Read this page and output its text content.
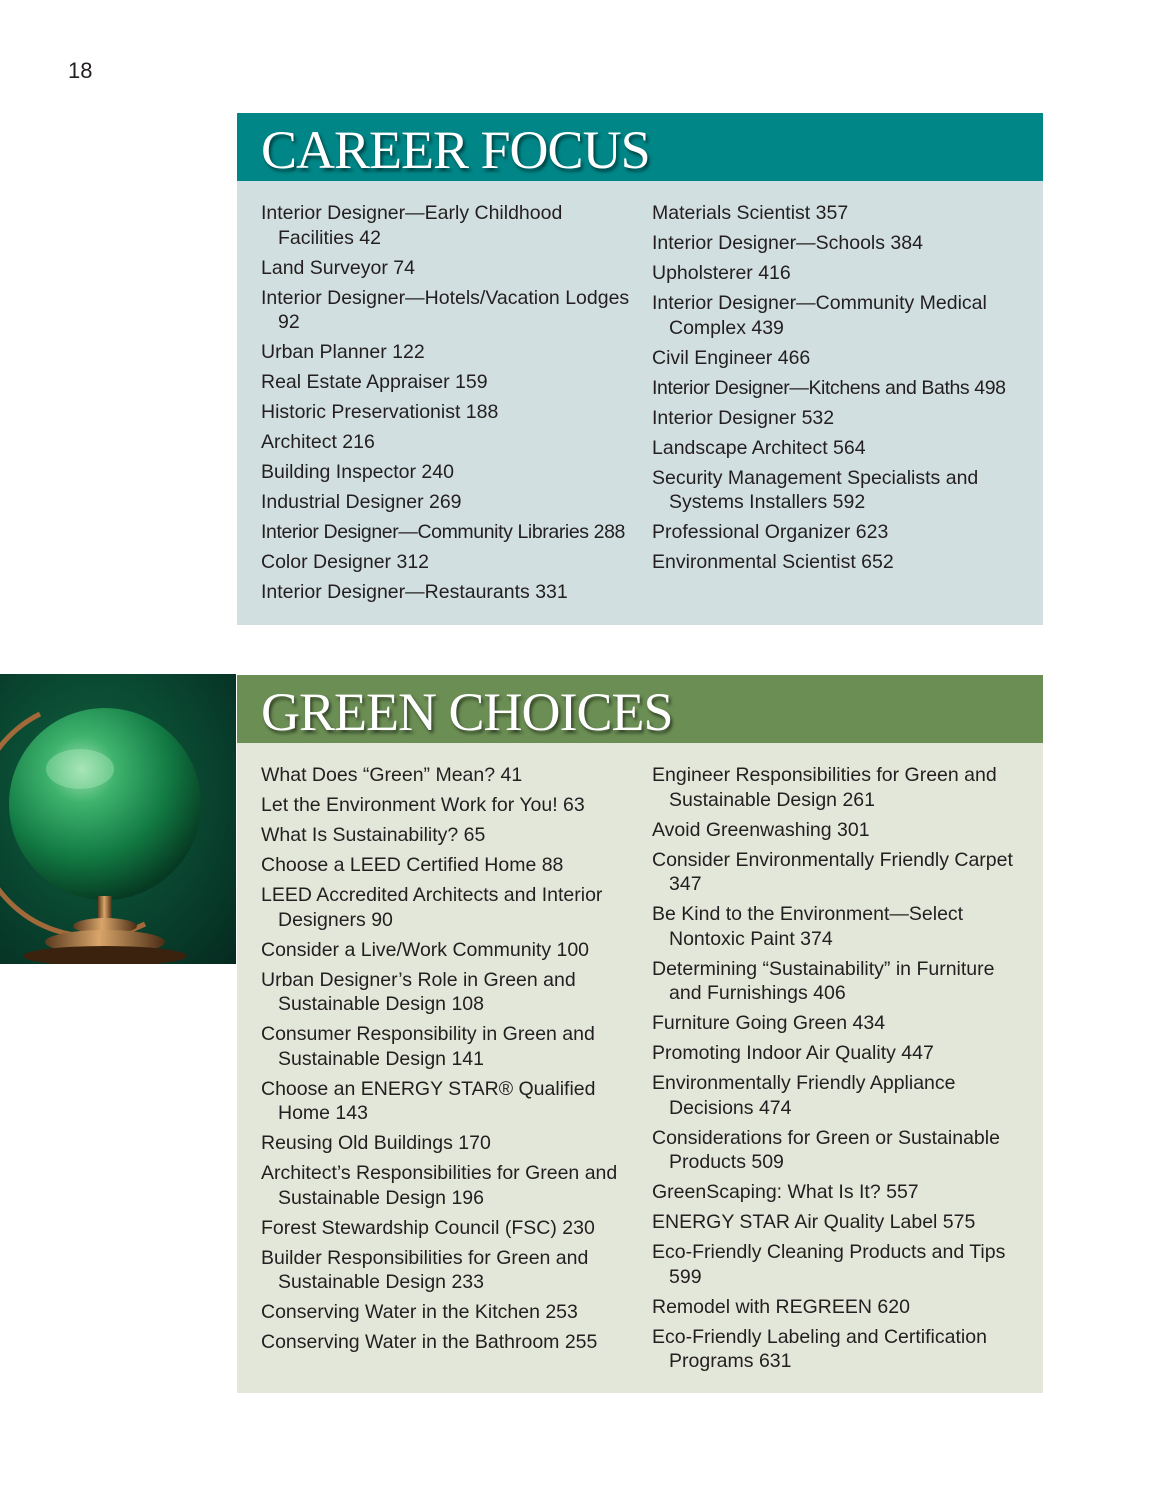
18
CAREER FOCUS
Interior Designer—Early Childhood Facilities 42
Land Surveyor 74
Interior Designer—Hotels/Vacation Lodges 92
Urban Planner 122
Real Estate Appraiser 159
Historic Preservationist 188
Architect 216
Building Inspector 240
Industrial Designer 269
Interior Designer—Community Libraries 288
Color Designer 312
Interior Designer—Restaurants 331
Materials Scientist 357
Interior Designer—Schools 384
Upholsterer 416
Interior Designer—Community Medical Complex 439
Civil Engineer 466
Interior Designer—Kitchens and Baths 498
Interior Designer 532
Landscape Architect 564
Security Management Specialists and Systems Installers 592
Professional Organizer 623
Environmental Scientist 652
GREEN CHOICES
What Does “Green” Mean? 41
Let the Environment Work for You! 63
What Is Sustainability? 65
Choose a LEED Certified Home 88
LEED Accredited Architects and Interior Designers 90
Consider a Live/Work Community 100
Urban Designer’s Role in Green and Sustainable Design 108
Consumer Responsibility in Green and Sustainable Design 141
Choose an ENERGY STAR® Qualified Home 143
Reusing Old Buildings 170
Architect’s Responsibilities for Green and Sustainable Design 196
Forest Stewardship Council (FSC) 230
Builder Responsibilities for Green and Sustainable Design 233
Conserving Water in the Kitchen 253
Conserving Water in the Bathroom 255
Engineer Responsibilities for Green and Sustainable Design 261
Avoid Greenwashing 301
Consider Environmentally Friendly Carpet 347
Be Kind to the Environment—Select Nontoxic Paint 374
Determining “Sustainability” in Furniture and Furnishings 406
Furniture Going Green 434
Promoting Indoor Air Quality 447
Environmentally Friendly Appliance Decisions 474
Considerations for Green or Sustainable Products 509
GreenScaping: What Is It? 557
ENERGY STAR Air Quality Label 575
Eco-Friendly Cleaning Products and Tips 599
Remodel with REGREEN 620
Eco-Friendly Labeling and Certification Programs 631
